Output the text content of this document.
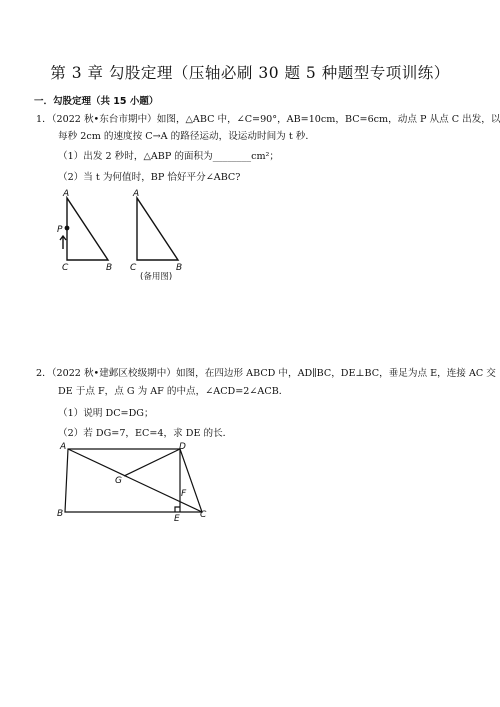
第 3 章 勾股定理（压轴必刷 30 题 5 种题型专项训练）
一．勾股定理（共 15 小题）
1．（2022 秋•东台市期中）如图，△ABC 中，∠C=90°，AB=10cm，BC=6cm，动点 P 从点 C 出发，以
每秒 2cm 的速度按 C→A 的路径运动，设运动时间为 t 秒．
（1）出发 2 秒时，△ABP 的面积为________cm²；
（2）当 t 为何值时，BP 恰好平分∠ABC?
A
P
C	B
A
C	B
(备用图)
2．（2022 秋•建邺区校级期中）如图，在四边形 ABCD 中，AD∥BC，DE⊥BC，垂足为点 E，连接 AC 交
DE 于点 F，点 G 为 AF 的中点，∠ACD=2∠ACB．
（1）说明 DC=DG；
（2）若 DG=7，EC=4，求 DE 的长．
A	D
G
F
B	E C
